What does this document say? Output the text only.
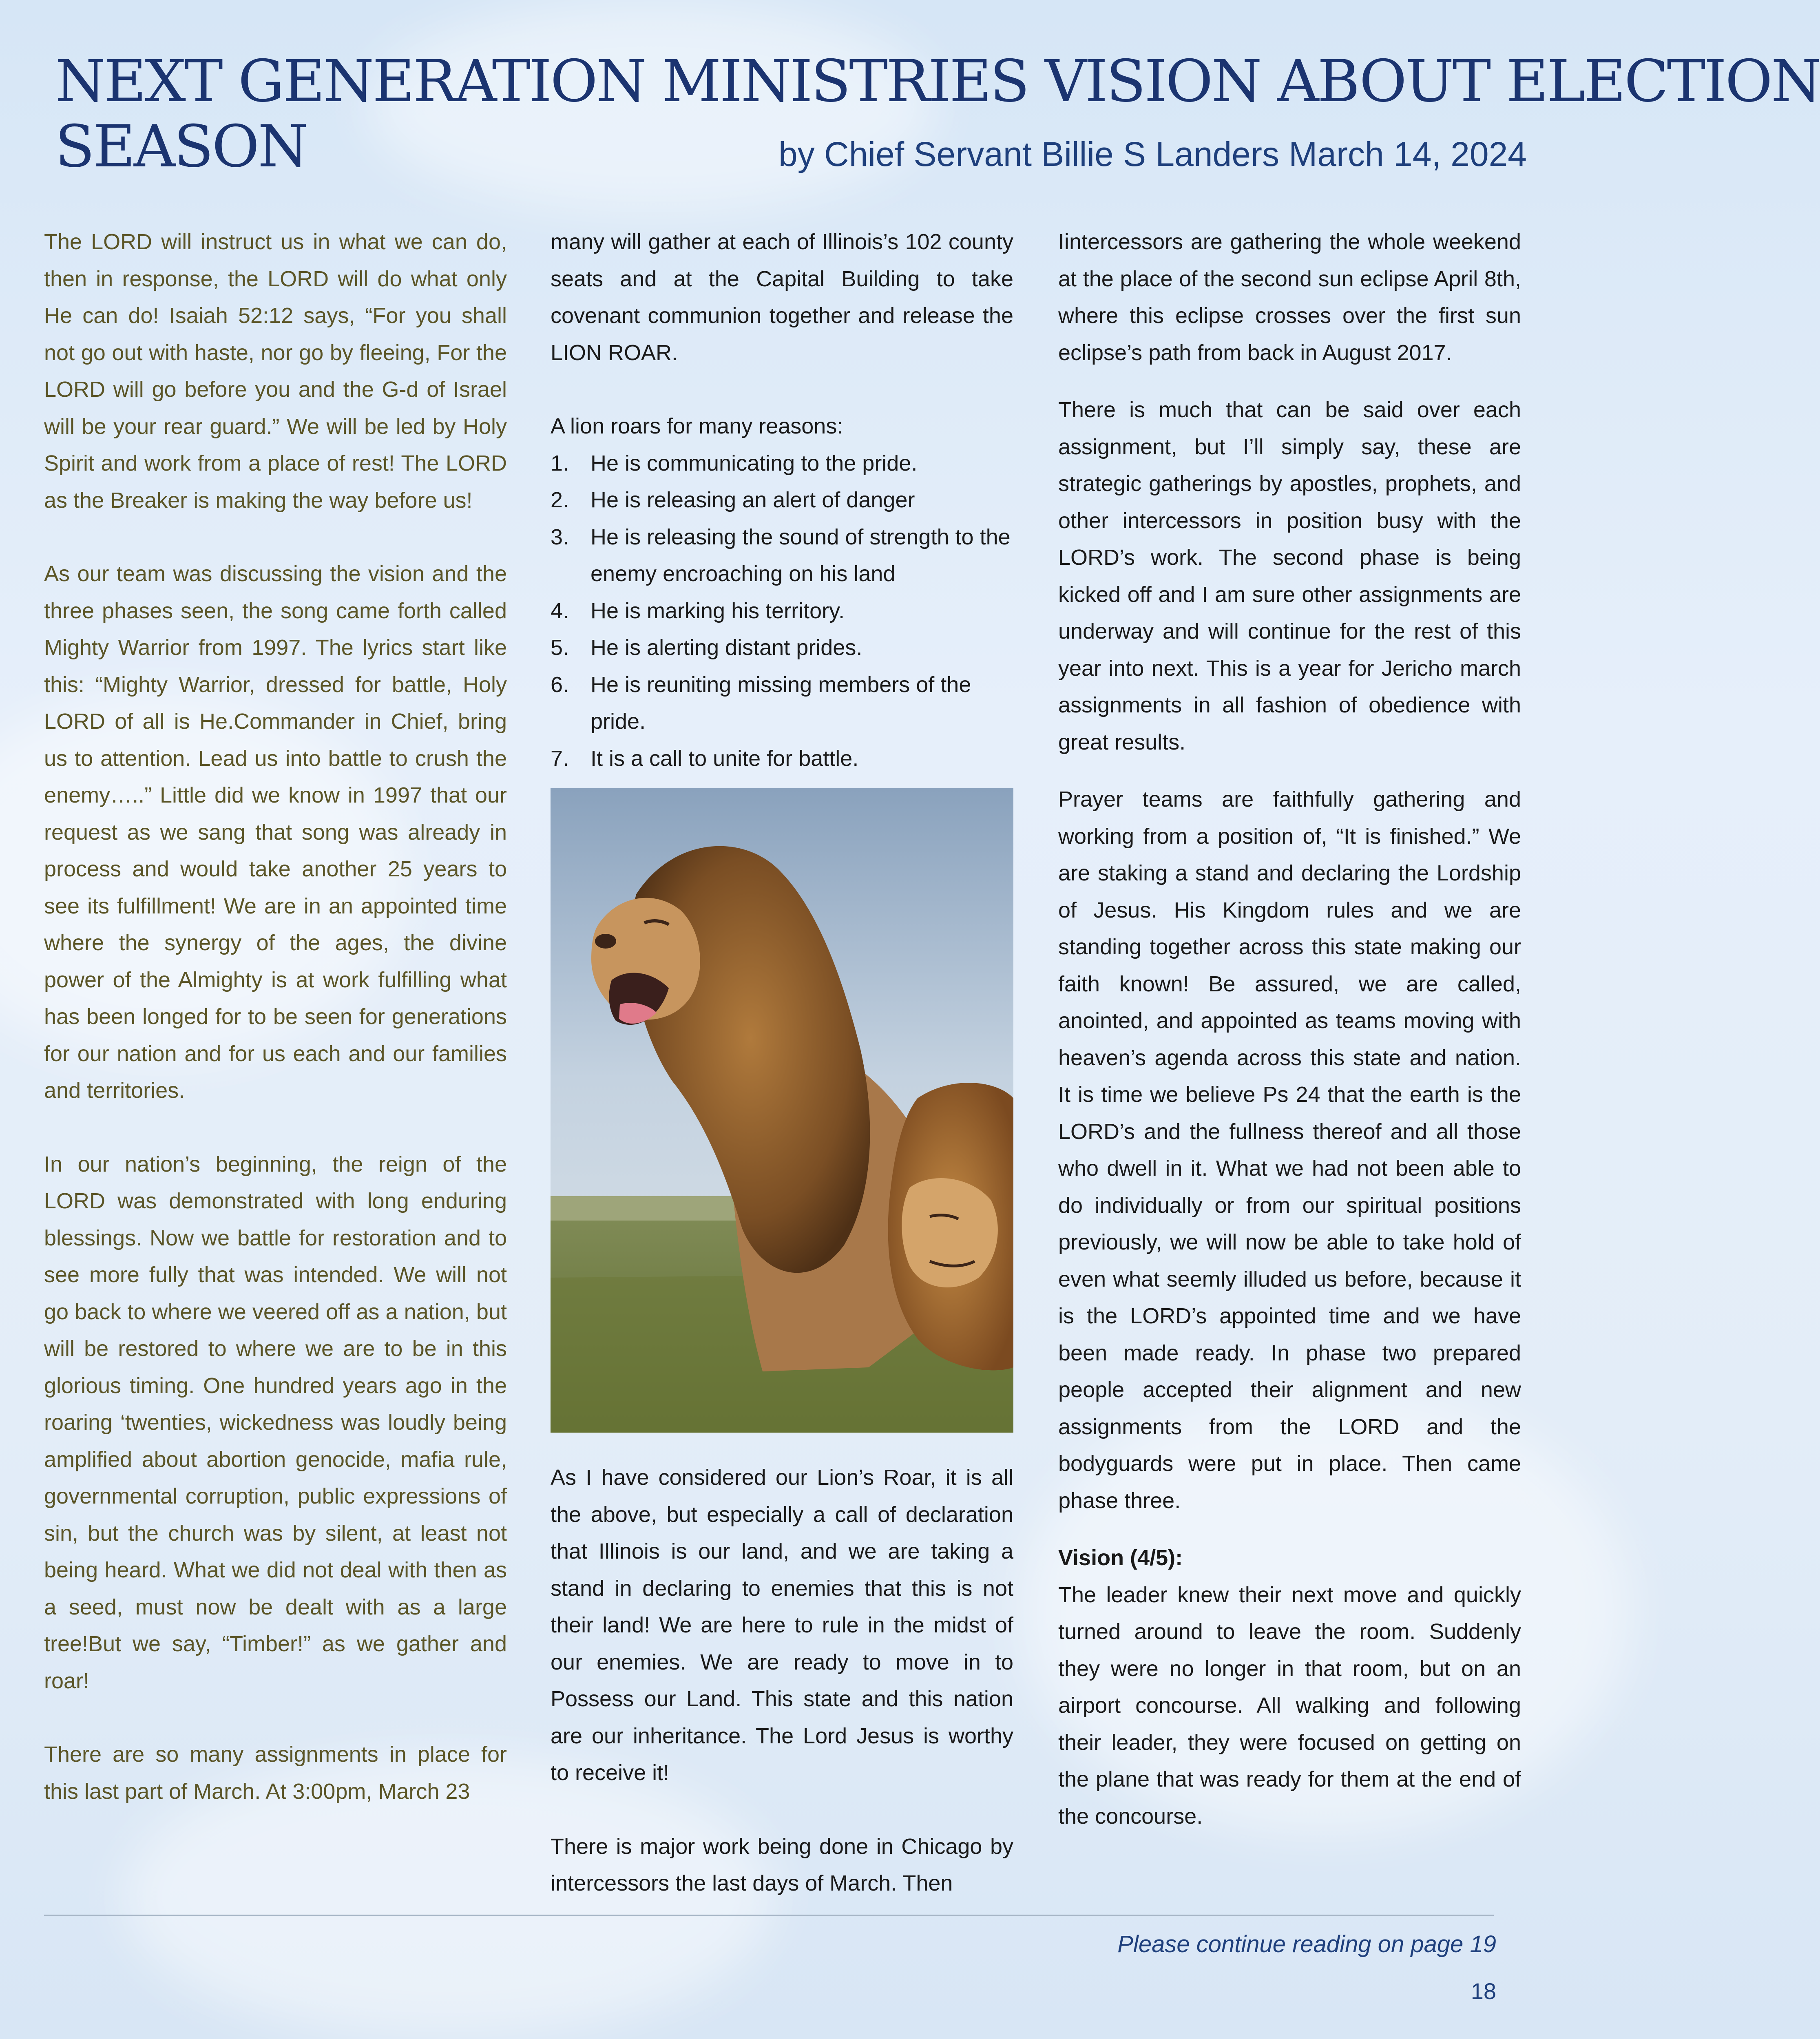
NEXT GENERATION MINISTRIES VISION ABOUT ELECTION
SEASON	by Chief Servant Billie S Landers March 14, 2024

The LORD will instruct us in what we can do, then in response, the LORD will do what only He can do! Isaiah 52:12 says, “For you shall not go out with haste, nor go by fleeing, For the LORD will go before you and the G-d of Israel will be your rear guard.” We will be led by Holy Spirit and work from a place of rest! The LORD as the Breaker is making the way before us!

As our team was discussing the vision and the three phases seen, the song came forth called Mighty Warrior from 1997. The lyrics start like this: “Mighty Warrior, dressed for battle, Holy LORD of all is He.Commander in Chief, bring us to attention. Lead us into battle to crush the enemy…..” Little did we know in 1997 that our request as we sang that song was already in process and would take another 25 years to see its fulfillment! We are in an appointed time where the synergy of the ages, the divine power of the Almighty is at work fulfilling what has been longed for to be seen for generations for our nation and for us each and our families and territories.

In our nation’s beginning, the reign of the LORD was demonstrated with long enduring blessings. Now we battle for restoration and to see more fully that was intended. We will not go back to where we veered off as a nation, but will be restored to where we are to be in this glorious timing. One hundred years ago in the roaring ‘twenties, wickedness was loudly being amplified about abortion genocide, mafia rule, governmental corruption, public expressions of sin, but the church was by silent, at least not being heard. What we did not deal with then as a seed, must now be dealt with as a large tree!But we say, “Timber!” as we gather and roar!

There are so many assignments in place for this last part of March. At 3:00pm, March 23

many will gather at each of Illinois’s 102 county seats and at the Capital Building to take covenant communion together and release the LION ROAR.

A lion roars for many reasons:

1. He is communicating to the pride.
2. He is releasing an alert of danger
3. He is releasing the sound of strength to the enemy encroaching on his land
4. He is marking his territory.
5. He is alerting distant prides.
6. He is reuniting missing members of the pride.
7. It is a call to unite for battle.

As I have considered our Lion’s Roar, it is all the above, but especially a call of declaration that Illinois is our land, and we are taking a stand in declaring to enemies that this is not their land! We are here to rule in the midst of our enemies. We are ready to move in to Possess our Land. This state and this nation are our inheritance. The Lord Jesus is worthy to receive it!

There is major work being done in Chicago by intercessors the last days of March. Then

Iintercessors are gathering the whole weekend at the place of the second sun eclipse April 8th, where this eclipse crosses over the first sun eclipse’s path from back in August 2017.

There is much that can be said over each assignment, but I’ll simply say, these are strategic gatherings by apostles, prophets, and other intercessors in position busy with the LORD’s work. The second phase is being kicked off and I am sure other assignments are underway and will continue for the rest of this year into next. This is a year for Jericho march assignments in all fashion of obedience with great results.

Prayer teams are faithfully gathering and working from a position of, “It is finished.” We are staking a stand and declaring the Lordship of Jesus. His Kingdom rules and we are standing together across this state making our faith known! Be assured, we are called, anointed, and appointed as teams moving with heaven’s agenda across this state and nation. It is time we believe Ps 24 that the earth is the LORD’s and the fullness thereof and all those who dwell in it. What we had not been able to do individually or from our spiritual positions previously, we will now be able to take hold of even what seemly illuded us before, because it is the LORD’s appointed time and we have been made ready. In phase two prepared people accepted their alignment and new assignments from the LORD and the bodyguards were put in place. Then came phase three.

Vision (4/5):

The leader knew their next move and quickly turned around to leave the room. Suddenly they were no longer in that room, but on an airport concourse. All walking and following their leader, they were focused on getting on the plane that was ready for them at the end of the concourse.

Please continue reading on page 19

18
